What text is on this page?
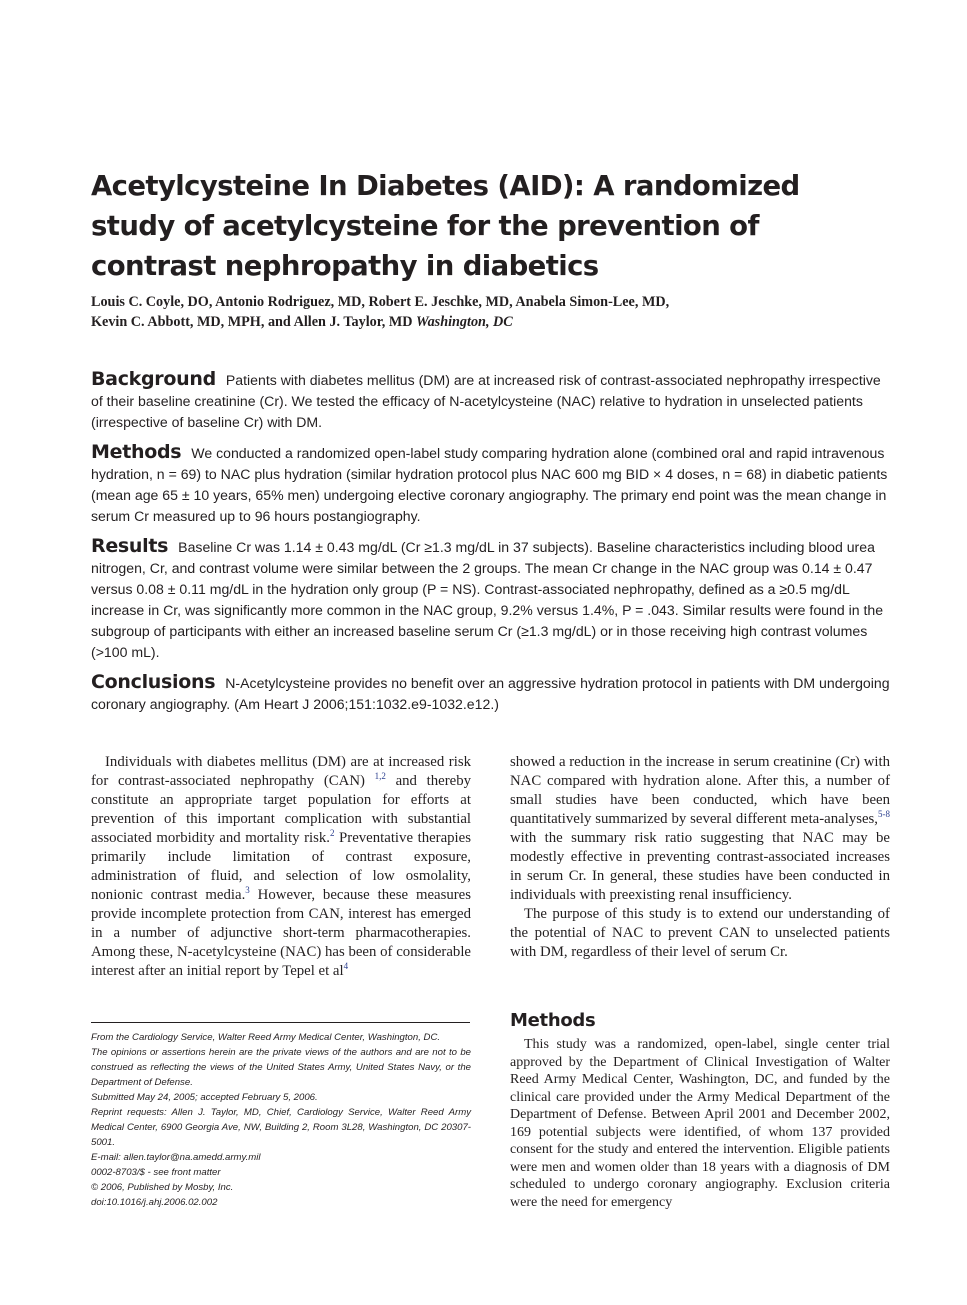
Acetylcysteine In Diabetes (AID): A randomized study of acetylcysteine for the prevention of contrast nephropathy in diabetics
Louis C. Coyle, DO, Antonio Rodriguez, MD, Robert E. Jeschke, MD, Anabela Simon-Lee, MD,
Kevin C. Abbott, MD, MPH, and Allen J. Taylor, MD Washington, DC

Background Patients with diabetes mellitus (DM) are at increased risk of contrast-associated nephropathy irrespective of their baseline creatinine (Cr). We tested the efficacy of N-acetylcysteine (NAC) relative to hydration in unselected patients (irrespective of baseline Cr) with DM.

Methods We conducted a randomized open-label study comparing hydration alone (combined oral and rapid intravenous hydration, n = 69) to NAC plus hydration (similar hydration protocol plus NAC 600 mg BID × 4 doses, n = 68) in diabetic patients (mean age 65 ± 10 years, 65% men) undergoing elective coronary angiography. The primary end point was the mean change in serum Cr measured up to 96 hours postangiography.

Results Baseline Cr was 1.14 ± 0.43 mg/dL (Cr ≥1.3 mg/dL in 37 subjects). Baseline characteristics including blood urea nitrogen, Cr, and contrast volume were similar between the 2 groups. The mean Cr change in the NAC group was 0.14 ± 0.47 versus 0.08 ± 0.11 mg/dL in the hydration only group (P = NS). Contrast-associated nephropathy, defined as a ≥0.5 mg/dL increase in Cr, was significantly more common in the NAC group, 9.2% versus 1.4%, P = .043. Similar results were found in the subgroup of participants with either an increased baseline serum Cr (≥1.3 mg/dL) or in those receiving high contrast volumes (>100 mL).

Conclusions N-Acetylcysteine provides no benefit over an aggressive hydration protocol in patients with DM undergoing coronary angiography. (Am Heart J 2006;151:1032.e9-1032.e12.)

Individuals with diabetes mellitus (DM) are at increased risk for contrast-associated nephropathy (CAN) $^{1,2}$ and thereby constitute an appropriate target population for efforts at prevention of this important complication with substantial associated morbidity and mortality risk.$^2$ Preventative therapies primarily include limitation of contrast exposure, administration of fluid, and selection of low osmolality, nonionic contrast media.$^3$ However, because these measures provide incomplete protection from CAN, interest has emerged in a number of adjunctive short-term pharmacotherapies. Among these, N-acetylcysteine (NAC) has been of considerable interest after an initial report by Tepel et $al^4$

From the Cardiology Service, Walter Reed Army Medical Center, Washington, DC.
The opinions or assertions herein are the private views of the authors and are not to be construed as reflecting the views of the United States Army, United States Navy, or the Department of Defense.
Submitted May 24, 2005; accepted February 5, 2006.
Reprint requests: Allen J. Taylor, MD, Chief, Cardiology Service, Walter Reed Army Medical Center, 6900 Georgia Ave, NW, Building 2, Room 3L28, Washington, DC 20307-5001.
E-mail: allen.taylor@na.amedd.army.mil
0002-8703/$ - see front matter
© 2006, Published by Mosby, Inc.
doi:10.1016/j.ahj.2006.02.002

showed a reduction in the increase in serum creatinine (Cr) with NAC compared with hydration alone. After this, a number of small studies have been conducted, which have been quantitatively summarized by several different meta-analyses,$^{5-8}$ with the summary risk ratio suggesting that NAC may be modestly effective in preventing contrast-associated increases in serum Cr. In general, these studies have been conducted in individuals with preexisting renal insufficiency.

The purpose of this study is to extend our understanding of the potential of NAC to prevent CAN to unselected patients with DM, regardless of their level of serum Cr.

Methods

This study was a randomized, open-label, single center trial approved by the Department of Clinical Investigation of Walter Reed Army Medical Center, Washington, DC, and funded by the clinical care provided under the Army Medical Department of the Department of Defense. Between April 2001 and December 2002, 169 potential subjects were identified, of whom 137 provided consent for the study and entered the intervention. Eligible patients were men and women older than 18 years with a diagnosis of DM scheduled to undergo coronary angiography. Exclusion criteria were the need for emergency
